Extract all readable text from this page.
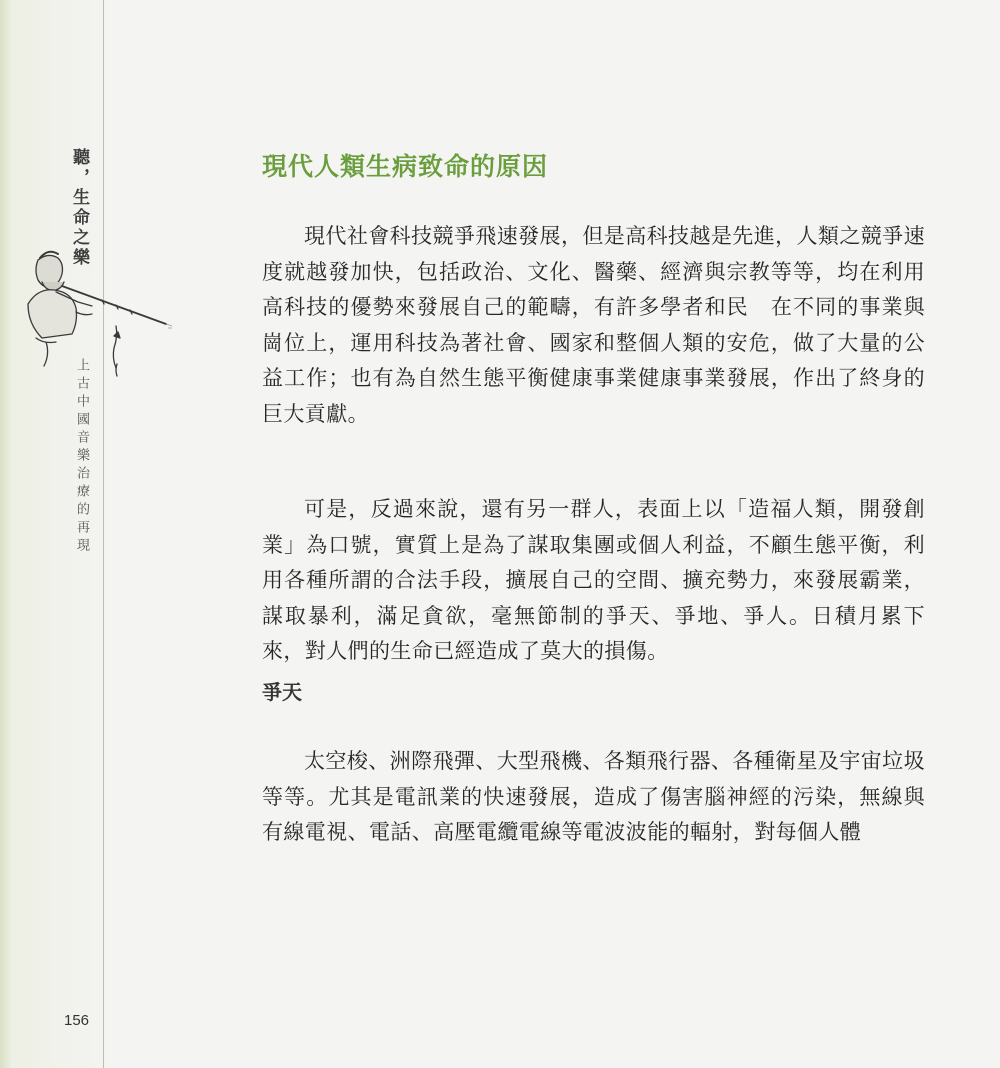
聽，生命之樂
上古中國音樂治療的再現
156
現代人類生病致命的原因

現代社會科技競爭飛速發展，但是高科技越是先進，人類之競爭速度就越發加快，包括政治、文化、醫藥、經濟與宗教等等，均在利用高科技的優勢來發展自己的範疇，有許多學者和民　在不同的事業與崗位上，運用科技為著社會、國家和整個人類的安危，做了大量的公益工作；也有為自然生態平衡健康事業健康事業發展，作出了終身的巨大貢獻。

可是，反過來說，還有另一群人，表面上以「造福人類，開發創業」為口號，實質上是為了謀取集團或個人利益，不顧生態平衡，利用各種所謂的合法手段，擴展自己的空間、擴充勢力，來發展霸業，謀取暴利，滿足貪欲，毫無節制的爭天、爭地、爭人。日積月累下來，對人們的生命已經造成了莫大的損傷。

爭天

太空梭、洲際飛彈、大型飛機、各類飛行器、各種衛星及宇宙垃圾等等。尤其是電訊業的快速發展，造成了傷害腦神經的污染，無線與有線電視、電話、高壓電纜電線等電波波能的輻射，對每個人體
